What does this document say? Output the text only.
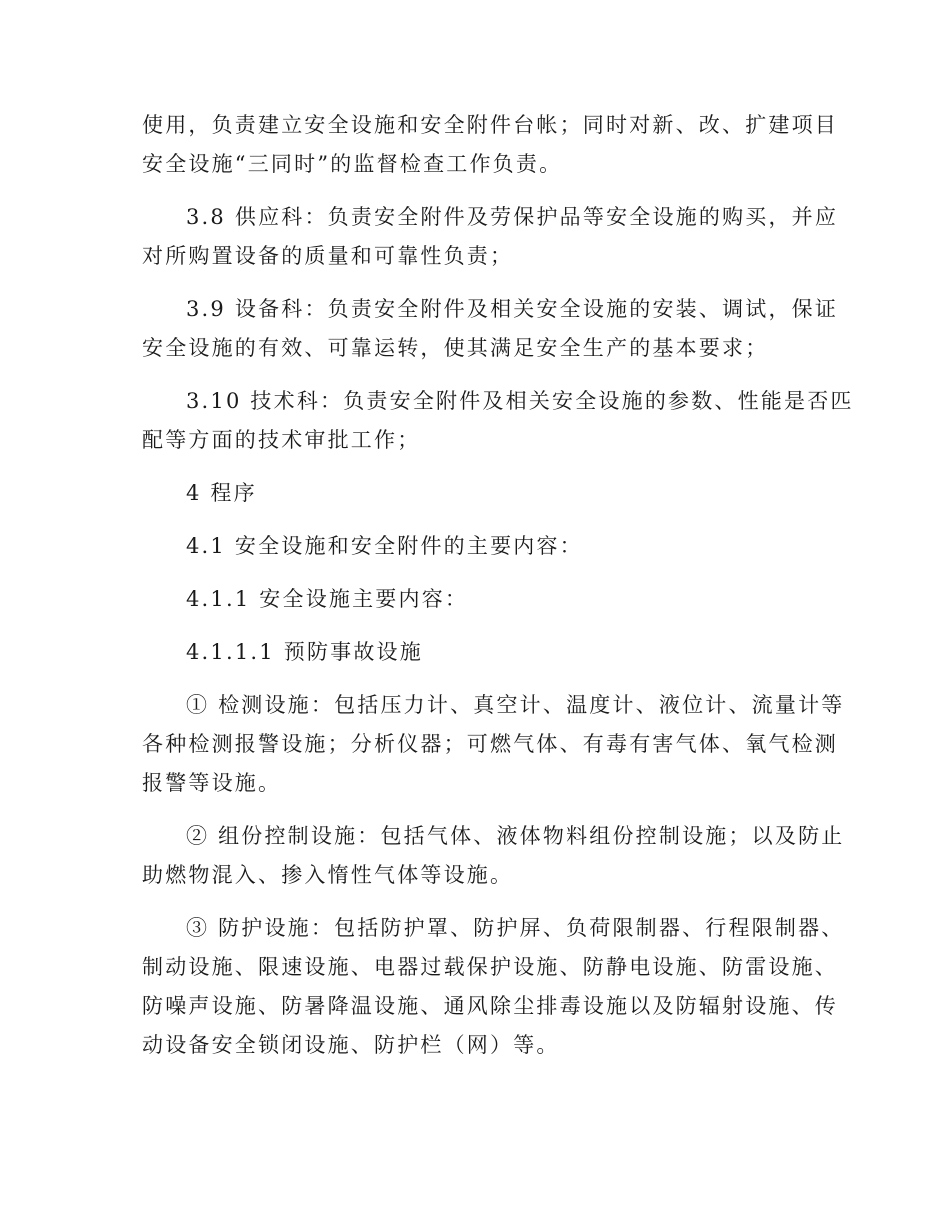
使用，负责建立安全设施和安全附件台帐；同时对新、改、扩建项目
安全设施“三同时”的监督检查工作负责。

3.8 供应科：负责安全附件及劳保护品等安全设施的购买，并应
对所购置设备的质量和可靠性负责；

3.9 设备科：负责安全附件及相关安全设施的安装、调试，保证
安全设施的有效、可靠运转，使其满足安全生产的基本要求；

3.10 技术科：负责安全附件及相关安全设施的参数、性能是否匹
配等方面的技术审批工作；

4 程序

4.1 安全设施和安全附件的主要内容：

4.1.1 安全设施主要内容：

4.1.1.1 预防事故设施

① 检测设施：包括压力计、真空计、温度计、液位计、流量计等
各种检测报警设施；分析仪器；可燃气体、有毒有害气体、氧气检测
报警等设施。

② 组份控制设施：包括气体、液体物料组份控制设施；以及防止
助燃物混入、掺入惰性气体等设施。

③ 防护设施：包括防护罩、防护屏、负荷限制器、行程限制器、
制动设施、限速设施、电器过载保护设施、防静电设施、防雷设施、
防噪声设施、防暑降温设施、通风除尘排毒设施以及防辐射设施、传
动设备安全锁闭设施、防护栏（网）等。
